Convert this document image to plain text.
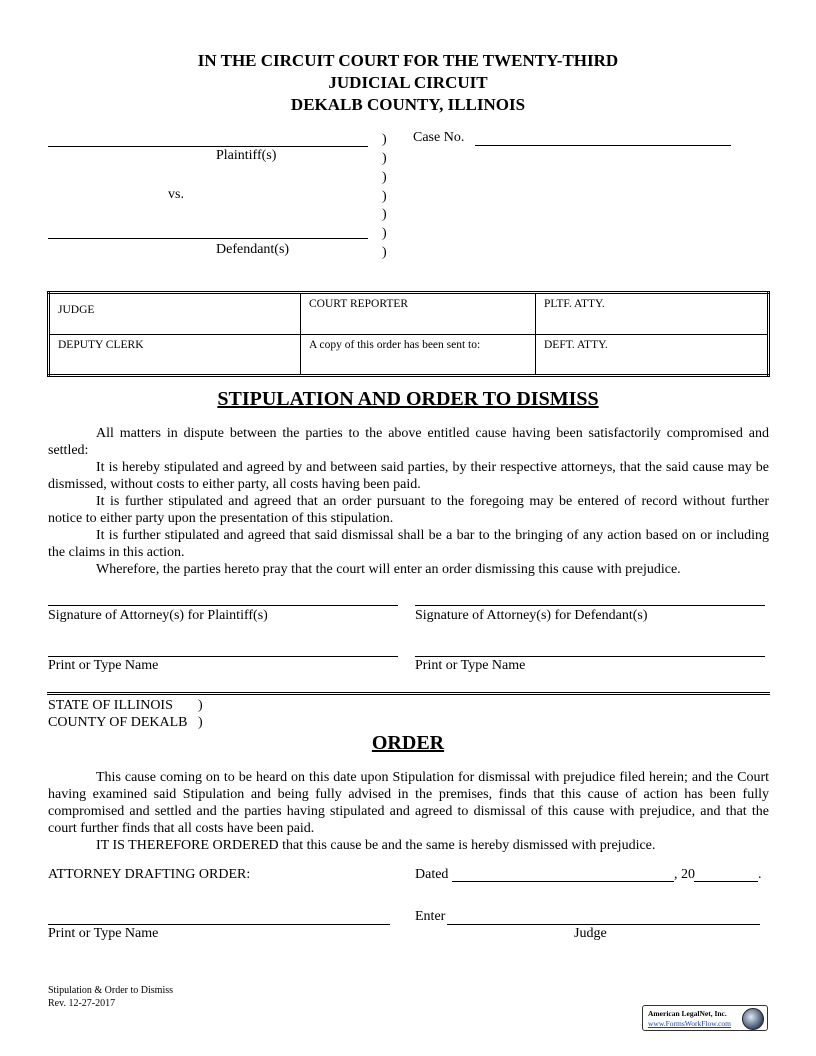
IN THE CIRCUIT COURT FOR THE TWENTY-THIRD
JUDICIAL CIRCUIT
DEKALB COUNTY, ILLINOIS
Plaintiff(s)
vs.
Defendant(s)
)
)
)
)
)
)
)
Case No.
JUDGE	COURT REPORTER	PLTF. ATTY.

DEPUTY CLERK	A copy of this order has been sent to:	DEFT. ATTY.
STIPULATION AND ORDER TO DISMISS

All matters in dispute between the parties to the above entitled cause having been satisfactorily compromised and settled:

It is hereby stipulated and agreed by and between said parties, by their respective attorneys, that the said cause may be dismissed, without costs to either party, all costs having been paid.

It is further stipulated and agreed that an order pursuant to the foregoing may be entered of record without further notice to either party upon the presentation of this stipulation.

It is further stipulated and agreed that said dismissal shall be a bar to the bringing of any action based on or including the claims in this action.

Wherefore, the parties hereto pray that the court will enter an order dismissing this cause with prejudice.

Signature of Attorney(s) for Plaintiff(s)	Signature of Attorney(s) for Defendant(s)
Print or Type Name	Print or Type Name
STATE OF ILLINOIS )
COUNTY OF DEKALB )
ORDER

This cause coming on to be heard on this date upon Stipulation for dismissal with prejudice filed herein; and the Court having examined said Stipulation and being fully advised in the premises, finds that this cause of action has been fully compromised and settled and the parties having stipulated and agreed to dismissal of this cause with prejudice, and that the court further finds that all costs have been paid.

IT IS THEREFORE ORDERED that this cause be and the same is hereby dismissed with prejudice.

ATTORNEY DRAFTING ORDER:	Dated	, 20	.
Print or Type Name
Enter
Judge
Stipulation & Order to Dismiss
Rev. 12-27-2017
American LegalNet, Inc.
www.FormsWorkFlow.com
